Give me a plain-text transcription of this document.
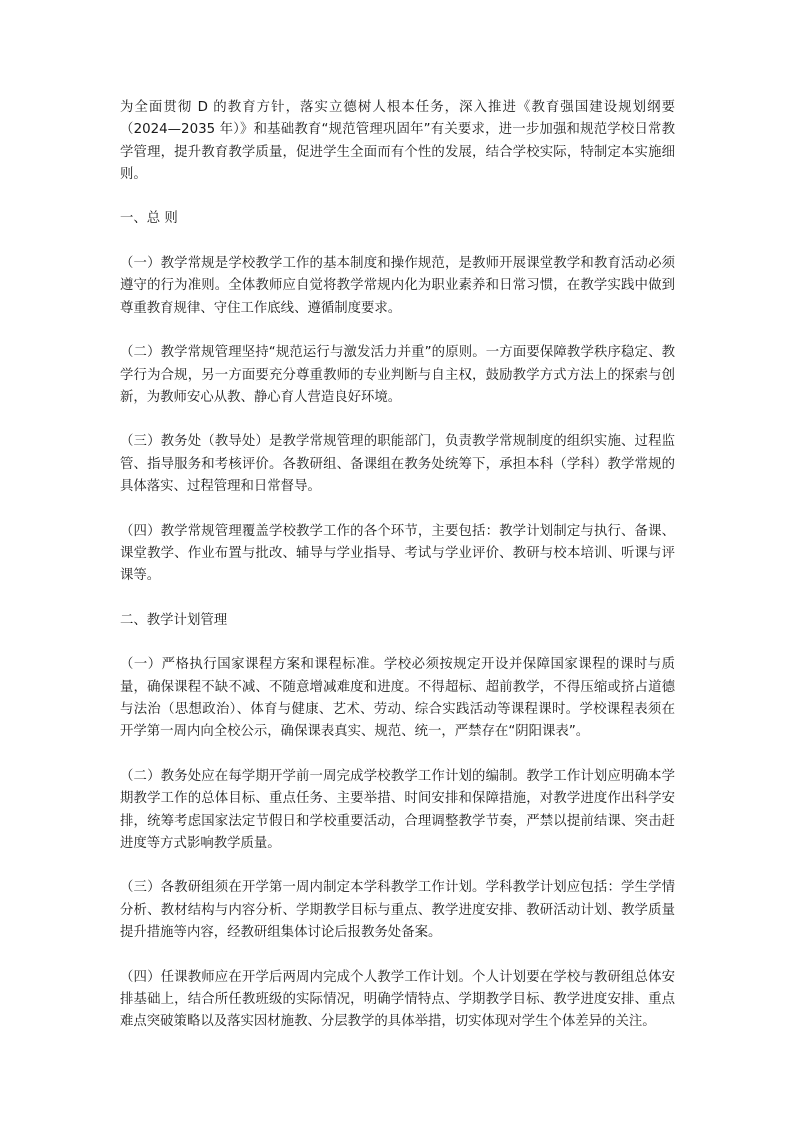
为全面贯彻 D 的教育方针，落实立德树人根本任务，深入推进《教育强国建设规划纲要（2024—2035 年）》和基础教育“规范管理巩固年”有关要求，进一步加强和规范学校日常教学管理，提升教育教学质量，促进学生全面而有个性的发展，结合学校实际，特制定本实施细则。

一、总 则

（一）教学常规是学校教学工作的基本制度和操作规范，是教师开展课堂教学和教育活动必须遵守的行为准则。全体教师应自觉将教学常规内化为职业素养和日常习惯，在教学实践中做到尊重教育规律、守住工作底线、遵循制度要求。

（二）教学常规管理坚持“规范运行与激发活力并重”的原则。一方面要保障教学秩序稳定、教学行为合规，另一方面要充分尊重教师的专业判断与自主权，鼓励教学方式方法上的探索与创新，为教师安心从教、静心育人营造良好环境。

（三）教务处（教导处）是教学常规管理的职能部门，负责教学常规制度的组织实施、过程监管、指导服务和考核评价。各教研组、备课组在教务处统筹下，承担本科（学科）教学常规的具体落实、过程管理和日常督导。

（四）教学常规管理覆盖学校教学工作的各个环节，主要包括：教学计划制定与执行、备课、课堂教学、作业布置与批改、辅导与学业指导、考试与学业评价、教研与校本培训、听课与评课等。

二、教学计划管理

（一）严格执行国家课程方案和课程标准。学校必须按规定开设并保障国家课程的课时与质量，确保课程不缺不减、不随意增减难度和进度。不得超标、超前教学，不得压缩或挤占道德与法治（思想政治）、体育与健康、艺术、劳动、综合实践活动等课程课时。学校课程表须在开学第一周内向全校公示，确保课表真实、规范、统一，严禁存在“阴阳课表”。

（二）教务处应在每学期开学前一周完成学校教学工作计划的编制。教学工作计划应明确本学期教学工作的总体目标、重点任务、主要举措、时间安排和保障措施，对教学进度作出科学安排，统筹考虑国家法定节假日和学校重要活动，合理调整教学节奏，严禁以提前结课、突击赶进度等方式影响教学质量。

（三）各教研组须在开学第一周内制定本学科教学工作计划。学科教学计划应包括：学生学情分析、教材结构与内容分析、学期教学目标与重点、教学进度安排、教研活动计划、教学质量提升措施等内容，经教研组集体讨论后报教务处备案。

（四）任课教师应在开学后两周内完成个人教学工作计划。个人计划要在学校与教研组总体安排基础上，结合所任教班级的实际情况，明确学情特点、学期教学目标、教学进度安排、重点难点突破策略以及落实因材施教、分层教学的具体举措，切实体现对学生个体差异的关注。
